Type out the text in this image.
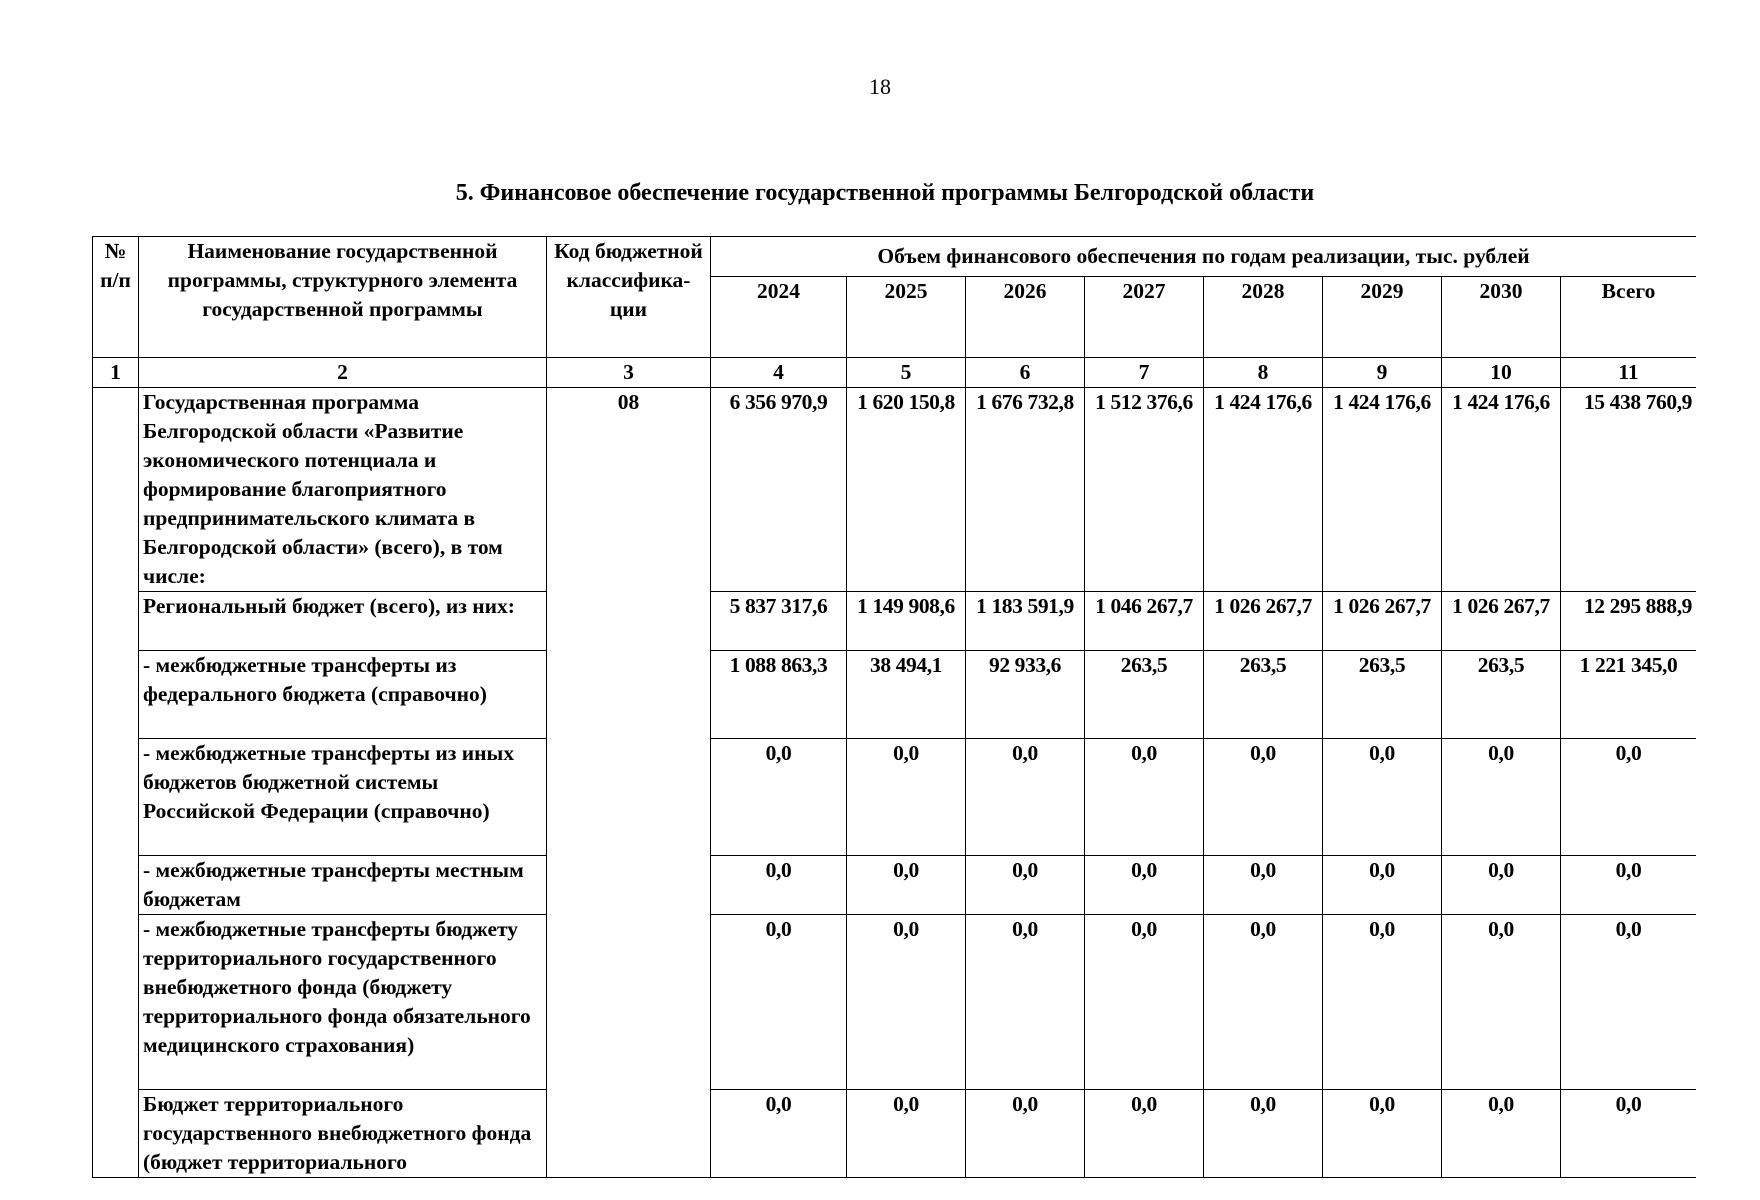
18
5. Финансовое обеспечение государственной программы Белгородской области
№ п/п	Наименование государственной программы, структурного элемента государственной программы	Код бюджетной классифика-ции	Объем финансового обеспечения по годам реализации, тыс. рублей							
			2024	2025	2026	2027	2028	2029	2030	Всего
1	2	3	4	5	6	7	8	9	10	11
	Государственная программа Белгородской области «Развитие экономического потенциала и формирование благоприятного предпринимательского климата в Белгородской области» (всего), в том числе:	08	6 356 970,9	1 620 150,8	1 676 732,8	1 512 376,6	1 424 176,6	1 424 176,6	1 424 176,6	15 438 760,9
	Региональный бюджет (всего), из них:		5 837 317,6	1 149 908,6	1 183 591,9	1 046 267,7	1 026 267,7	1 026 267,7	1 026 267,7	12 295 888,9
	- межбюджетные трансферты из федерального бюджета (справочно)		1 088 863,3	38 494,1	92 933,6	263,5	263,5	263,5	263,5	1 221 345,0
	- межбюджетные трансферты из иных бюджетов бюджетной системы Российской Федерации (справочно)		0,0	0,0	0,0	0,0	0,0	0,0	0,0	0,0
	- межбюджетные трансферты местным бюджетам		0,0	0,0	0,0	0,0	0,0	0,0	0,0	0,0
	- межбюджетные трансферты бюджету территориального государственного внебюджетного фонда (бюджету территориального фонда обязательного медицинского страхования)		0,0	0,0	0,0	0,0	0,0	0,0	0,0	0,0
	Бюджет территориального государственного внебюджетного фонда (бюджет территориального		0,0	0,0	0,0	0,0	0,0	0,0	0,0	0,0
